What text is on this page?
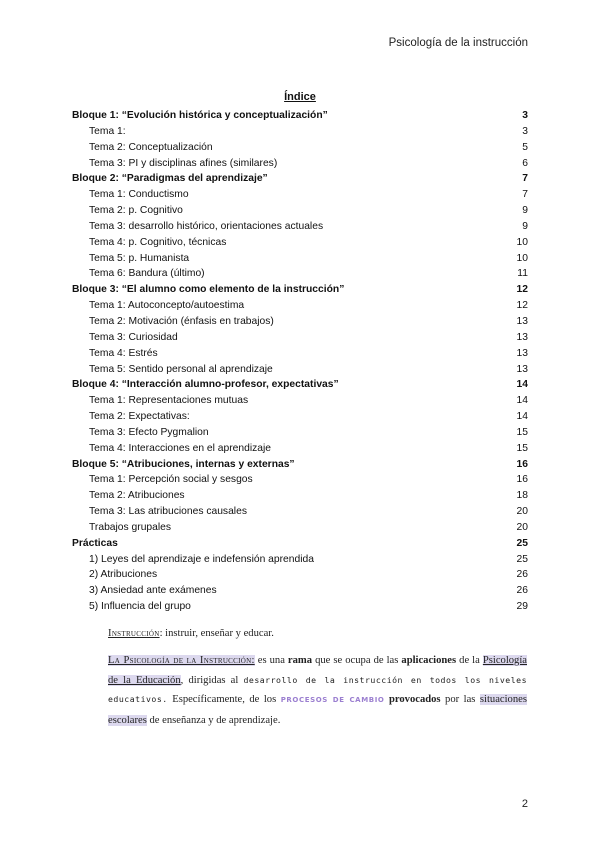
Psicología de la instrucción
Índice
Bloque 1: “Evolución histórica y conceptualización”	3
Tema 1:	3
Tema 2: Conceptualización	5
Tema 3: PI y disciplinas afines (similares)	6
Bloque 2: “Paradigmas del aprendizaje”	7
Tema 1: Conductismo	7
Tema 2: p. Cognitivo	9
Tema 3: desarrollo histórico, orientaciones actuales	9
Tema 4: p. Cognitivo, técnicas	10
Tema 5: p. Humanista	10
Tema 6: Bandura (último)	11
Bloque 3: “El alumno como elemento de la instrucción”	12
Tema 1: Autoconcepto/autoestima	12
Tema 2: Motivación (énfasis en trabajos)	13
Tema 3: Curiosidad	13
Tema 4: Estrés	13
Tema 5: Sentido personal al aprendizaje	13
Bloque 4: “Interacción alumno-profesor, expectativas”	14
Tema 1: Representaciones mutuas	14
Tema 2: Expectativas:	14
Tema 3: Efecto Pygmalion	15
Tema 4: Interacciones en el aprendizaje	15
Bloque 5: “Atribuciones, internas y externas”	16
Tema 1: Percepción social y sesgos	16
Tema 2: Atribuciones	18
Tema 3: Las atribuciones causales	20
Trabajos grupales	20
Prácticas	25
1) Leyes del aprendizaje e indefensión aprendida	25
2) Atribuciones	26
3) Ansiedad ante exámenes	26
5) Influencia del grupo	29

Instrucción: instruir, enseñar y educar.

La Psicología de la Instrucción: es una rama que se ocupa de las aplicaciones de la Psicología de la Educación, dirigidas al desarrollo de la instrucción en todos los niveles educativos. Específicamente, de los PROCESOS DE CAMBIO provocados por las situaciones escolares de enseñanza y de aprendizaje.

2
